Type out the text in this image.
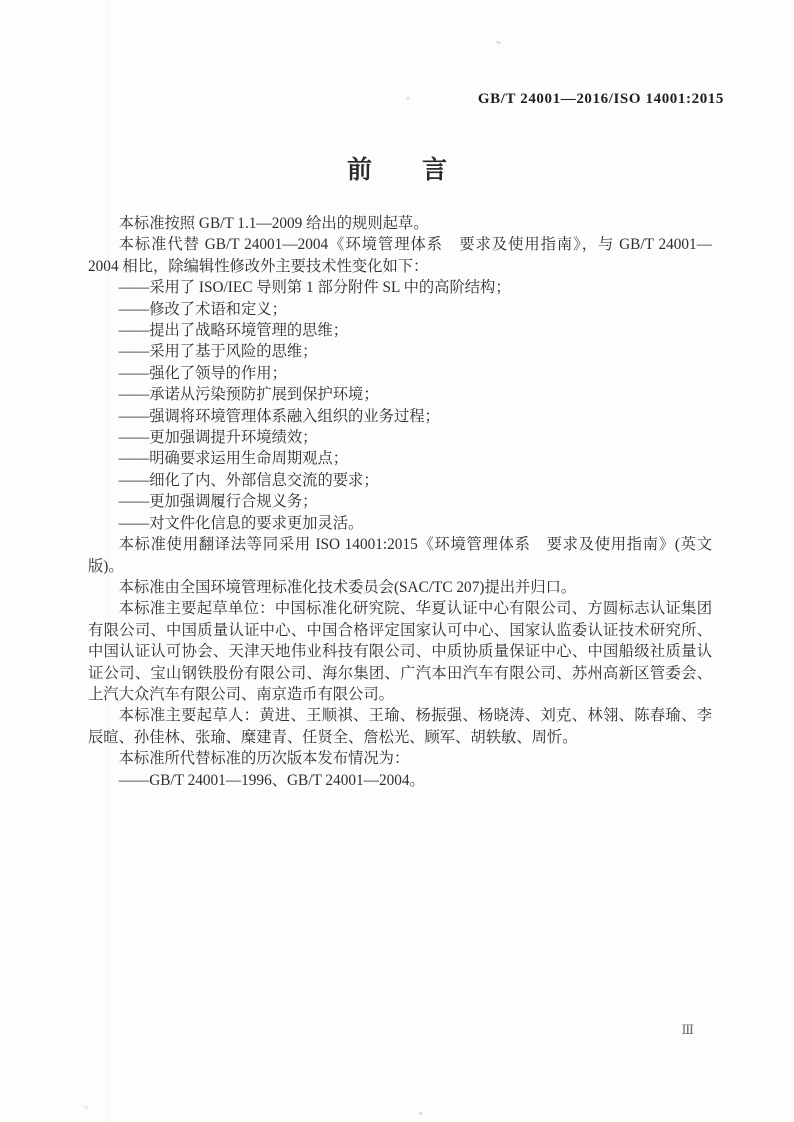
GB/T 24001—2016/ISO 14001:2015
前　　言

本标准按照 GB/T 1.1—2009 给出的规则起草。

本标准代替 GB/T 24001—2004《环境管理体系　要求及使用指南》，与 GB/T 24001—2004 相比，除编辑性修改外主要技术性变化如下：

——采用了 ISO/IEC 导则第 1 部分附件 SL 中的高阶结构；

——修改了术语和定义；

——提出了战略环境管理的思维；

——采用了基于风险的思维；

——强化了领导的作用；

——承诺从污染预防扩展到保护环境；

——强调将环境管理体系融入组织的业务过程；

——更加强调提升环境绩效；

——明确要求运用生命周期观点；

——细化了内、外部信息交流的要求；

——更加强调履行合规义务；

——对文件化信息的要求更加灵活。

本标准使用翻译法等同采用 ISO 14001:2015《环境管理体系　要求及使用指南》(英文版)。

本标准由全国环境管理标准化技术委员会(SAC/TC 207)提出并归口。

本标准主要起草单位：中国标准化研究院、华夏认证中心有限公司、方圆标志认证集团有限公司、中国质量认证中心、中国合格评定国家认可中心、国家认监委认证技术研究所、中国认证认可协会、天津天地伟业科技有限公司、中质协质量保证中心、中国船级社质量认证公司、宝山钢铁股份有限公司、海尔集团、广汽本田汽车有限公司、苏州高新区管委会、上汽大众汽车有限公司、南京造币有限公司。

本标准主要起草人：黄进、王顺祺、王瑜、杨振强、杨晓涛、刘克、林翎、陈春瑜、李辰暄、孙佳林、张瑜、糜建青、任贤全、詹松光、顾军、胡轶敏、周忻。

本标准所代替标准的历次版本发布情况为：

——GB/T 24001—1996、GB/T 24001—2004。

Ⅲ
